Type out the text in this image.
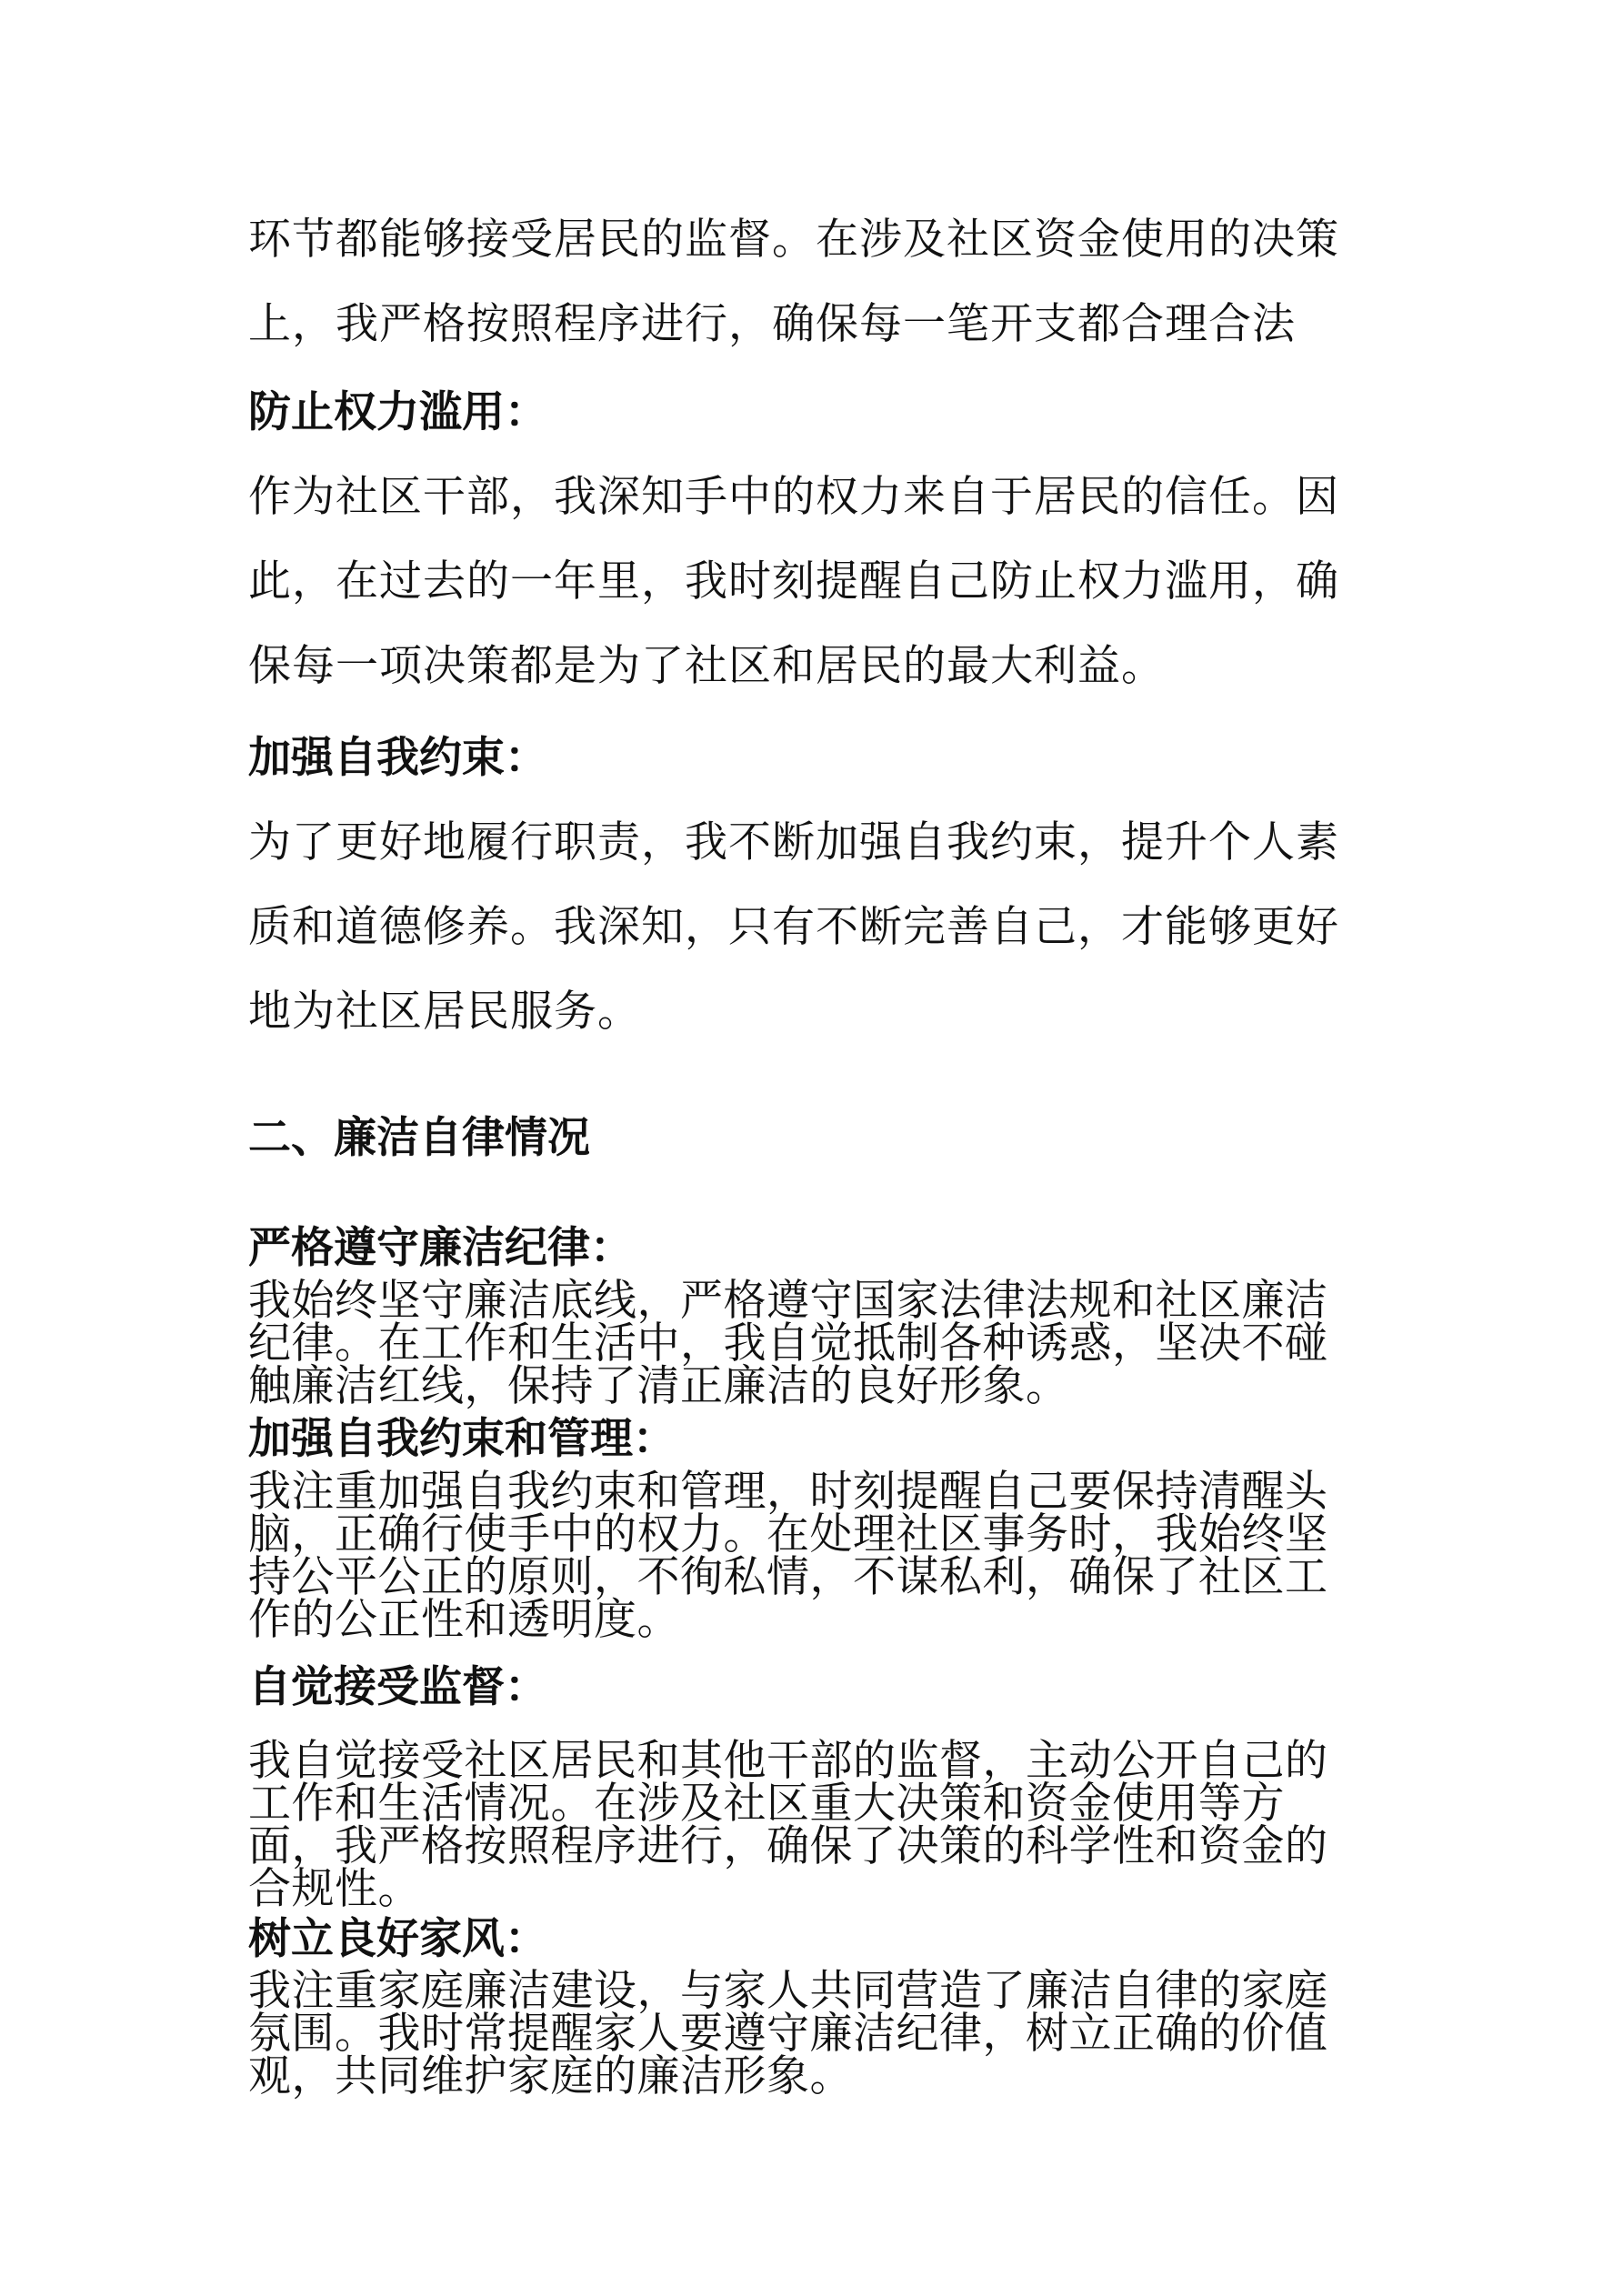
环节都能够接受居民的监督。在涉及社区资金使用的决策
上，我严格按照程序进行，确保每一笔开支都合理合法
防止权力滥用：
作为社区干部，我深知手中的权力来自于居民的信任。因
此，在过去的一年里，我时刻提醒自己防止权力滥用，确
保每一项决策都是为了社区和居民的最大利益。
加强自我约束：
为了更好地履行职责，我不断加强自我约束，提升个人素
质和道德修养。我深知，只有不断完善自己，才能够更好
地为社区居民服务。
二、廉洁自律情况
严格遵守廉洁纪律：
我始终坚守廉洁底线，严格遵守国家法律法规和社区廉洁
纪律。在工作和生活中，我自觉抵制各种诱惑，坚决不碰
触廉洁红线，保持了清正廉洁的良好形象。
加强自我约束和管理：
我注重加强自我约束和管理，时刻提醒自己要保持清醒头
脑，正确行使手中的权力。在处理社区事务时，我始终坚
持公平公正的原则，不徇私情，不谋私利，确保了社区工
作的公正性和透明度。
自觉接受监督：
我自觉接受社区居民和其他干部的监督，主动公开自己的
工作和生活情况。在涉及社区重大决策和资金使用等方
面，我严格按照程序进行，确保了决策的科学性和资金的
合规性。
树立良好家风：
我注重家庭廉洁建设，与家人共同营造了廉洁自律的家庭
氛围。我时常提醒家人要遵守廉洁纪律，树立正确的价值
观，共同维护家庭的廉洁形象。
